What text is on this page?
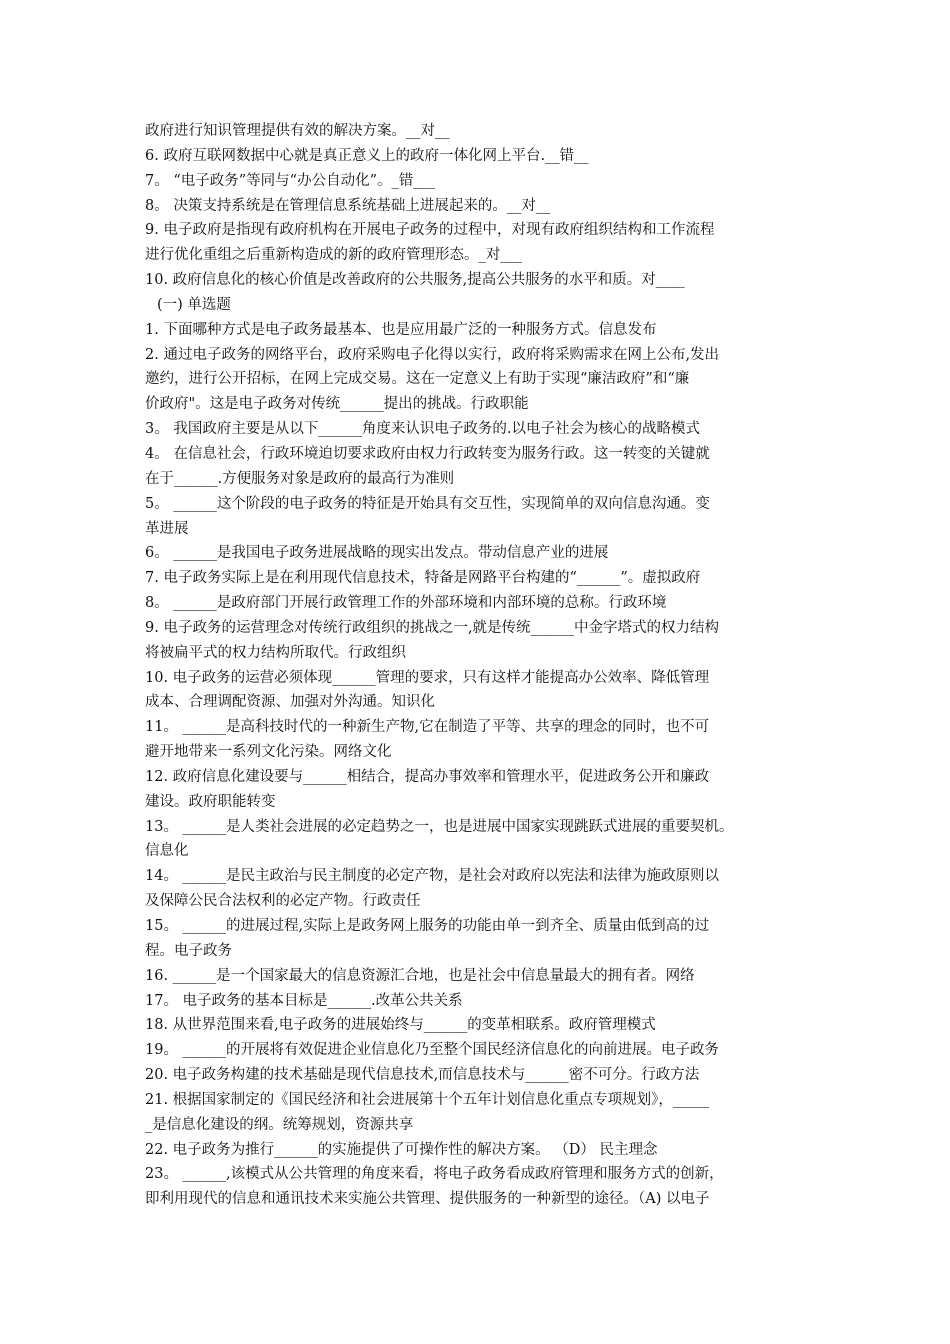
政府进行知识管理提供有效的解决方案。__对__
6. 政府互联网数据中心就是真正意义上的政府一体化网上平台.__错__
7。 “电子政务”等同与“办公自动化”。_错___
8。 决策支持系统是在管理信息系统基础上进展起来的。__对__
9. 电子政府是指现有政府机构在开展电子政务的过程中，对现有政府组织结构和工作流程
进行优化重组之后重新构造成的新的政府管理形态。_对___
10. 政府信息化的核心价值是改善政府的公共服务,提高公共服务的水平和质。对____
(一) 单选题
1. 下面哪种方式是电子政务最基本、也是应用最广泛的一种服务方式。信息发布
2. 通过电子政务的网络平台，政府采购电子化得以实行，政府将采购需求在网上公布,发出
邀约，进行公开招标，在网上完成交易。这在一定意义上有助于实现“廉洁政府”和“廉
价政府"。这是电子政务对传统______提出的挑战。行政职能
3。 我国政府主要是从以下______角度来认识电子政务的.以电子社会为核心的战略模式
4。 在信息社会，行政环境迫切要求政府由权力行政转变为服务行政。这一转变的关键就
在于______.方便服务对象是政府的最高行为准则
5。 ______这个阶段的电子政务的特征是开始具有交互性，实现简单的双向信息沟通。变
革进展
6。 ______是我国电子政务进展战略的现实出发点。带动信息产业的进展
7. 电子政务实际上是在利用现代信息技术，特备是网路平台构建的“______”。虚拟政府
8。 ______是政府部门开展行政管理工作的外部环境和内部环境的总称。行政环境
9. 电子政务的运营理念对传统行政组织的挑战之一,就是传统______中金字塔式的权力结构
将被扁平式的权力结构所取代。行政组织
10. 电子政务的运营必须体现______管理的要求，只有这样才能提高办公效率、降低管理
成本、合理调配资源、加强对外沟通。知识化
11。 ______是高科技时代的一种新生产物,它在制造了平等、共享的理念的同时，也不可
避开地带来一系列文化污染。网络文化
12. 政府信息化建设要与______相结合，提高办事效率和管理水平，促进政务公开和廉政
建设。政府职能转变
13。 ______是人类社会进展的必定趋势之一，也是进展中国家实现跳跃式进展的重要契机。
信息化
14。 ______是民主政治与民主制度的必定产物，是社会对政府以宪法和法律为施政原则以
及保障公民合法权利的必定产物。行政责任
15。 ______的进展过程,实际上是政务网上服务的功能由单一到齐全、质量由低到高的过
程。电子政务
16. ______是一个国家最大的信息资源汇合地，也是社会中信息量最大的拥有者。网络
17。 电子政务的基本目标是______.改革公共关系
18. 从世界范围来看,电子政务的进展始终与______的变革相联系。政府管理模式
19。 ______的开展将有效促进企业信息化乃至整个国民经济信息化的向前进展。电子政务
20. 电子政务构建的技术基础是现代信息技术,而信息技术与______密不可分。行政方法
21. 根据国家制定的《国民经济和社会进展第十个五年计划信息化重点专项规划》，_____
_是信息化建设的纲。统筹规划，资源共享
22. 电子政务为推行______的实施提供了可操作性的解决方案。 （D） 民主理念
23。 ______,该模式从公共管理的角度来看，将电子政务看成政府管理和服务方式的创新，
即利用现代的信息和通讯技术来实施公共管理、提供服务的一种新型的途径。（A) 以电子
